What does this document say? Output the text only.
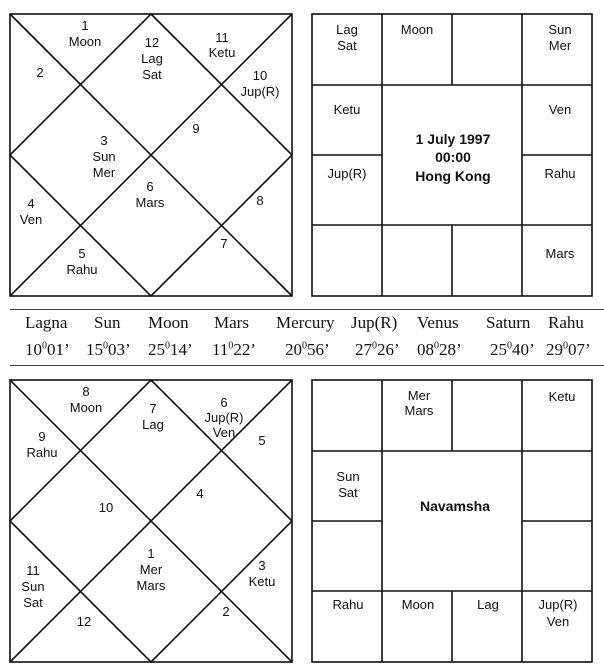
1
Moon
2
12
Lag
Sat
11
Ketu
10
Jup(R)
9
3
Sun
Mer
6
Mars	8
4
Ven
7
5
Rahu
Lag
Sat
Moon	Sun
Mer
Ketu	Ven
Jup(R)	Rahu
Mars
1 July 1997
00:00
Hong Kong
8
Moon
9
Rahu
7
Lag
6
Jup(R)
Ven
5
4
10
1
Mer
Mars
3
Ketu
11
Sun
Sat
2
12
Mer
Mars
Ketu
Sun
Sat
Rahu	Moon	Lag	Jup(R)
Ven
Navamsha
Lagna Sun Moon Mars Mercury Jup(R) Venus Saturn Rahu
$10^001$’ $15^003$’ $25^014$’ $11^022$’ $20^056$’ $27^026$’ $08^028$’ $25^040$’ $29^007$’
